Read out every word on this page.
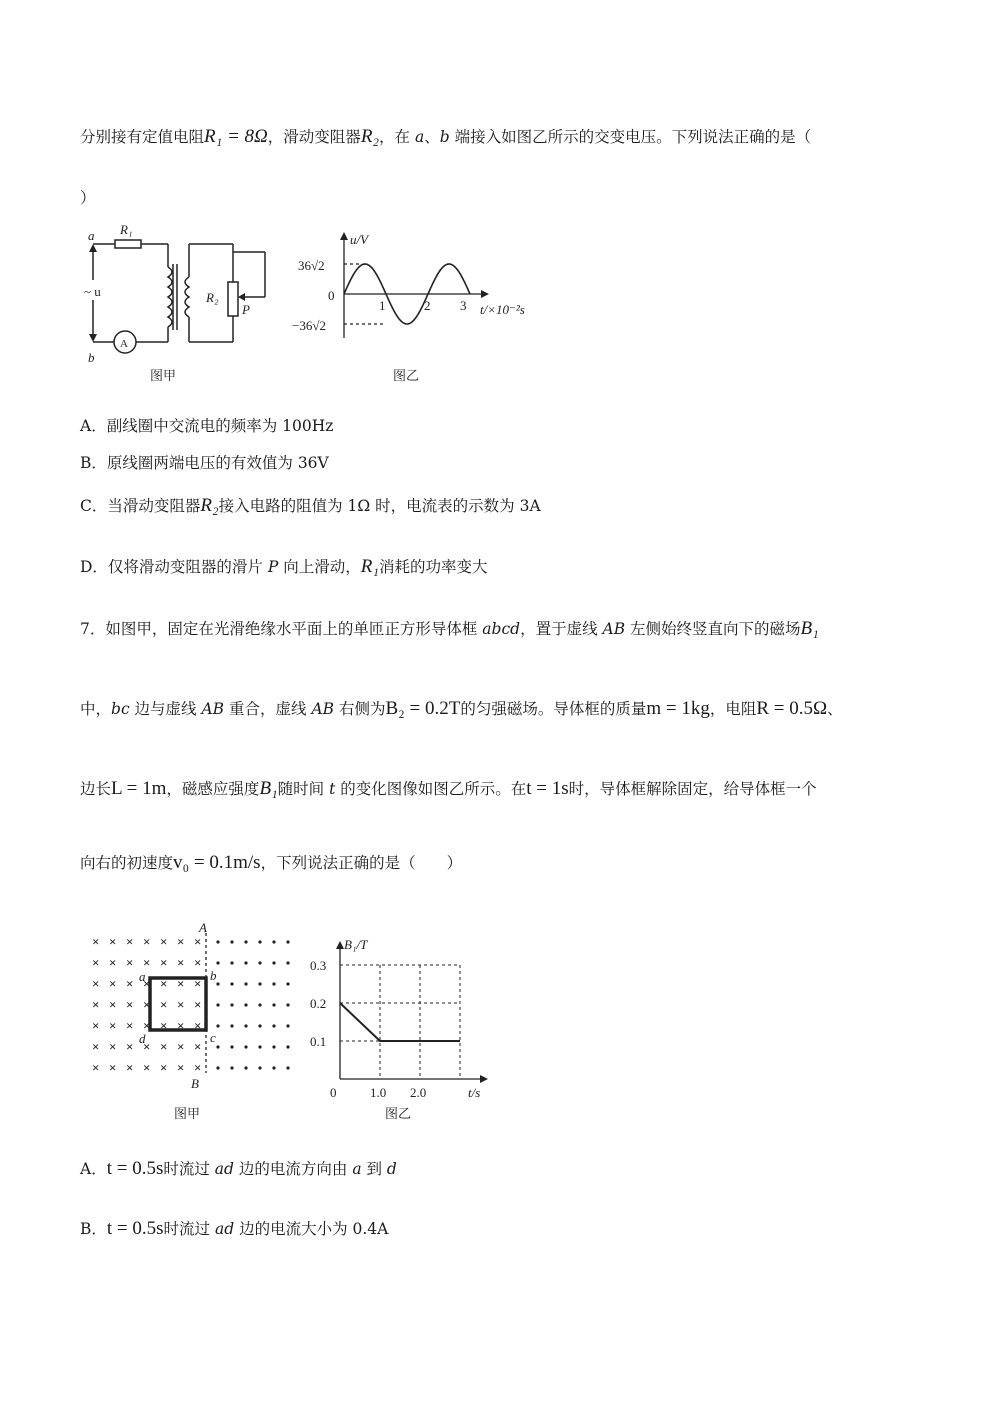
分别接有定值电阻R₁ = 8Ω，滑动变阻器R₂，在 a、b 端接入如图乙所示的交变电压。下列说法正确的是（
）
a
b
R₁
R₂
P
~ u
A
图甲
u/V
36√2
0
−36√2
1	2 3 t/×10⁻²s
图乙
A．副线圈中交流电的频率为 100Hz
B．原线圈两端电压的有效值为 36V
C．当滑动变阻器R₂接入电路的阻值为 1Ω 时，电流表的示数为 3A
D．仅将滑动变阻器的滑片 P 向上滑动，R₁消耗的功率变大
7．如图甲，固定在光滑绝缘水平面上的单匝正方形导体框 abcd，置于虚线 AB 左侧始终竖直向下的磁场B₁
中，bc 边与虚线 AB 重合，虚线 AB 右侧为B₂ = 0.2T的匀强磁场。导体框的质量m = 1kg，电阻R = 0.5Ω、
边长L = 1m，磁感应强度B₁随时间 t 的变化图像如图乙所示。在t = 1s时，导体框解除固定，给导体框一个
向右的初速度v₀ = 0.1m/s，下列说法正确的是（　　）
× × × × × × ×
× × × × × × ×
× × × × × × ×
× × × × × × ×
× × × × × × ×
× × × × × × ×
× × × × × × ×
A
B
a	b
c
d
图甲
B₁/T
0.3
0.2
0.1
0	1.0 2.0	t/s
图乙
A．t = 0.5s时流过 ad 边的电流方向由 a 到 d
B．t = 0.5s时流过 ad 边的电流大小为 0.4A
